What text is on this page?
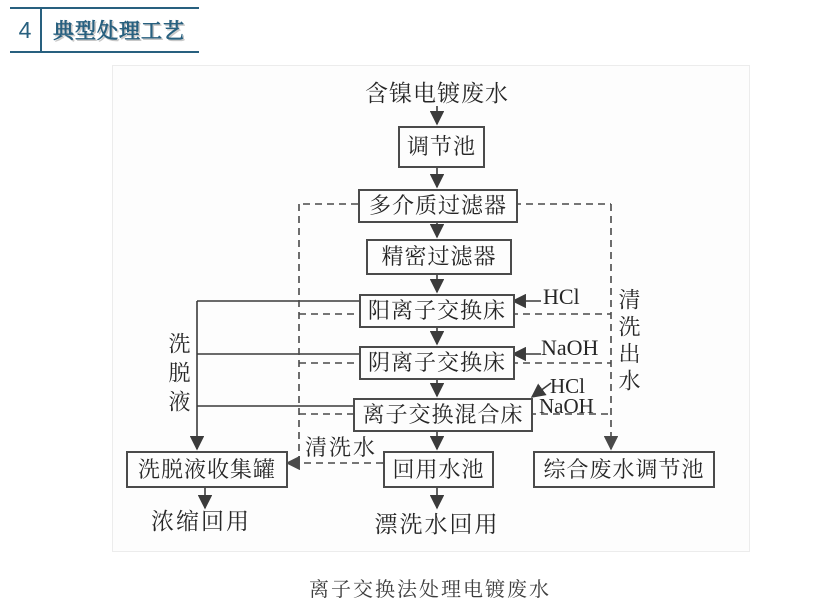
4	典型处理工艺
调节池
多介质过滤器
精密过滤器
阳离子交换床
阴离子交换床
离子交换混合床
洗脱液收集罐	回用水池	综合废水调节池
含镍电镀废水
HCl
NaOH
HCl
NaOH
清洗水
洗脱液	清洗出水
浓缩回用	漂洗水回用
离子交换法处理电镀废水
